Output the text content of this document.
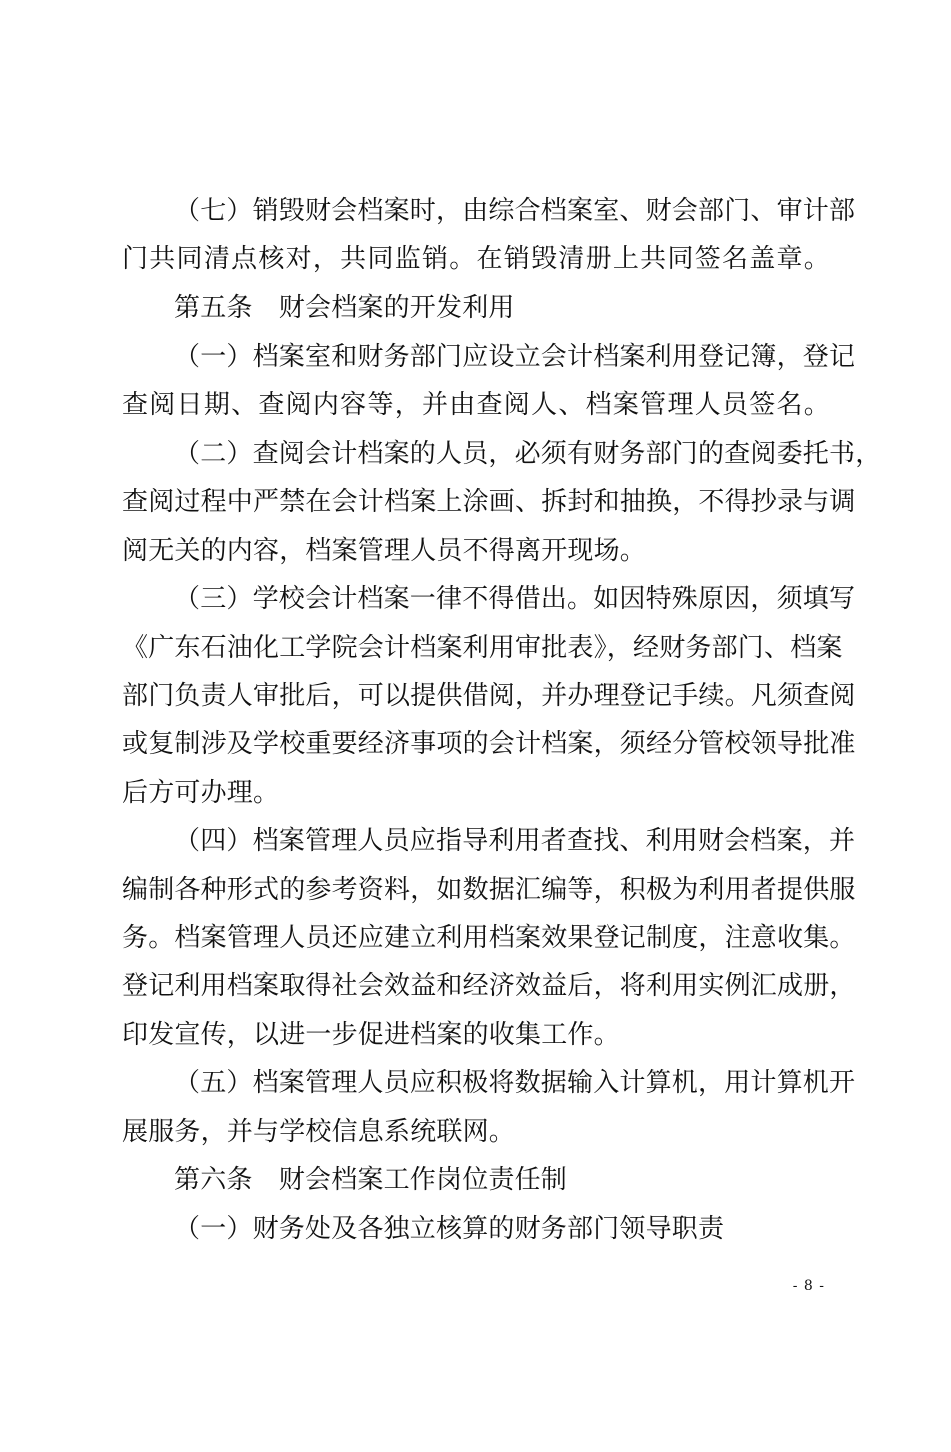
（七）销毁财会档案时，由综合档案室、财会部门、审计部
门共同清点核对，共同监销。在销毁清册上共同签名盖章。
第五条　财会档案的开发利用
（一）档案室和财务部门应设立会计档案利用登记簿，登记
查阅日期、查阅内容等，并由查阅人、档案管理人员签名。
（二）查阅会计档案的人员，必须有财务部门的查阅委托书，
查阅过程中严禁在会计档案上涂画、拆封和抽换，不得抄录与调
阅无关的内容，档案管理人员不得离开现场。
（三）学校会计档案一律不得借出。如因特殊原因，须填写
《广东石油化工学院会计档案利用审批表》，经财务部门、档案
部门负责人审批后，可以提供借阅，并办理登记手续。凡须查阅
或复制涉及学校重要经济事项的会计档案，须经分管校领导批准
后方可办理。
（四）档案管理人员应指导利用者查找、利用财会档案，并
编制各种形式的参考资料，如数据汇编等，积极为利用者提供服
务。档案管理人员还应建立利用档案效果登记制度，注意收集。
登记利用档案取得社会效益和经济效益后，将利用实例汇成册，
印发宣传，以进一步促进档案的收集工作。
（五）档案管理人员应积极将数据输入计算机，用计算机开
展服务，并与学校信息系统联网。
第六条　财会档案工作岗位责任制
（一）财务处及各独立核算的财务部门领导职责
- 8 -
